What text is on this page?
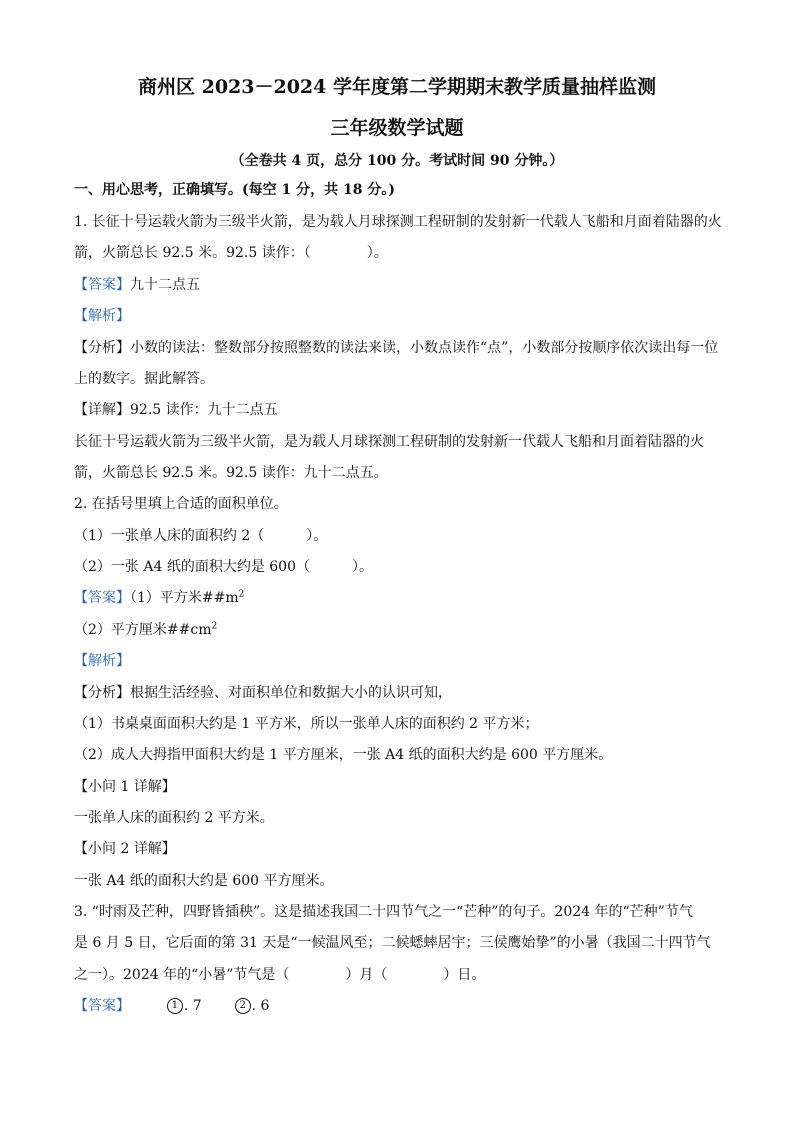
商州区 2023－2024 学年度第二学期期末教学质量抽样监测
三年级数学试题
（全卷共 4 页，总分 100 分。考试时间 90 分钟。）
一、用心思考，正确填写。(每空 1 分，共 18 分。)
1. 长征十号运载火箭为三级半火箭，是为载人月球探测工程研制的发射新一代载人飞船和月面着陆器的火
箭，火箭总长 92.5 米。92.5 读作：（　　　　）。
【答案】九十二点五
【解析】
【分析】小数的读法：整数部分按照整数的读法来读，小数点读作“点”，小数部分按顺序依次读出每一位
上的数字。据此解答。
【详解】92.5 读作：九十二点五
长征十号运载火箭为三级半火箭，是为载人月球探测工程研制的发射新一代载人飞船和月面着陆器的火
箭，火箭总长 92.5 米。92.5 读作：九十二点五。
2. 在括号里填上合适的面积单位。
（1）一张单人床的面积约 2（　　　）。
（2）一张 A4 纸的面积大约是 600（　　　）。
【答案】（1）平方米$\#\#m^2$
（2）平方厘米$\#\#cm^2$
【解析】
【分析】根据生活经验、对面积单位和数据大小的认识可知，
（1）书桌桌面面积大约是 1 平方米，所以一张单人床的面积约 2 平方米；
（2）成人大拇指甲面积大约是 1 平方厘米，一张 A4 纸的面积大约是 600 平方厘米。
【小问 1 详解】
一张单人床的面积约 2 平方米。
【小问 2 详解】
一张 A4 纸的面积大约是 600 平方厘米。
3. “时雨及芒种，四野皆插秧”。这是描述我国二十四节气之一“芒种”的句子。2024 年的“芒种”节气
是 6 月 5 日，它后面的第 31 天是“一候温风至；二候蟋蟀居宇；三侯鹰始挚”的小暑（我国二十四节气
之一）。2024 年的“小暑”节气是（　　　　）月（　　　　）日。
【答案】	1 . 7	2 . 6
